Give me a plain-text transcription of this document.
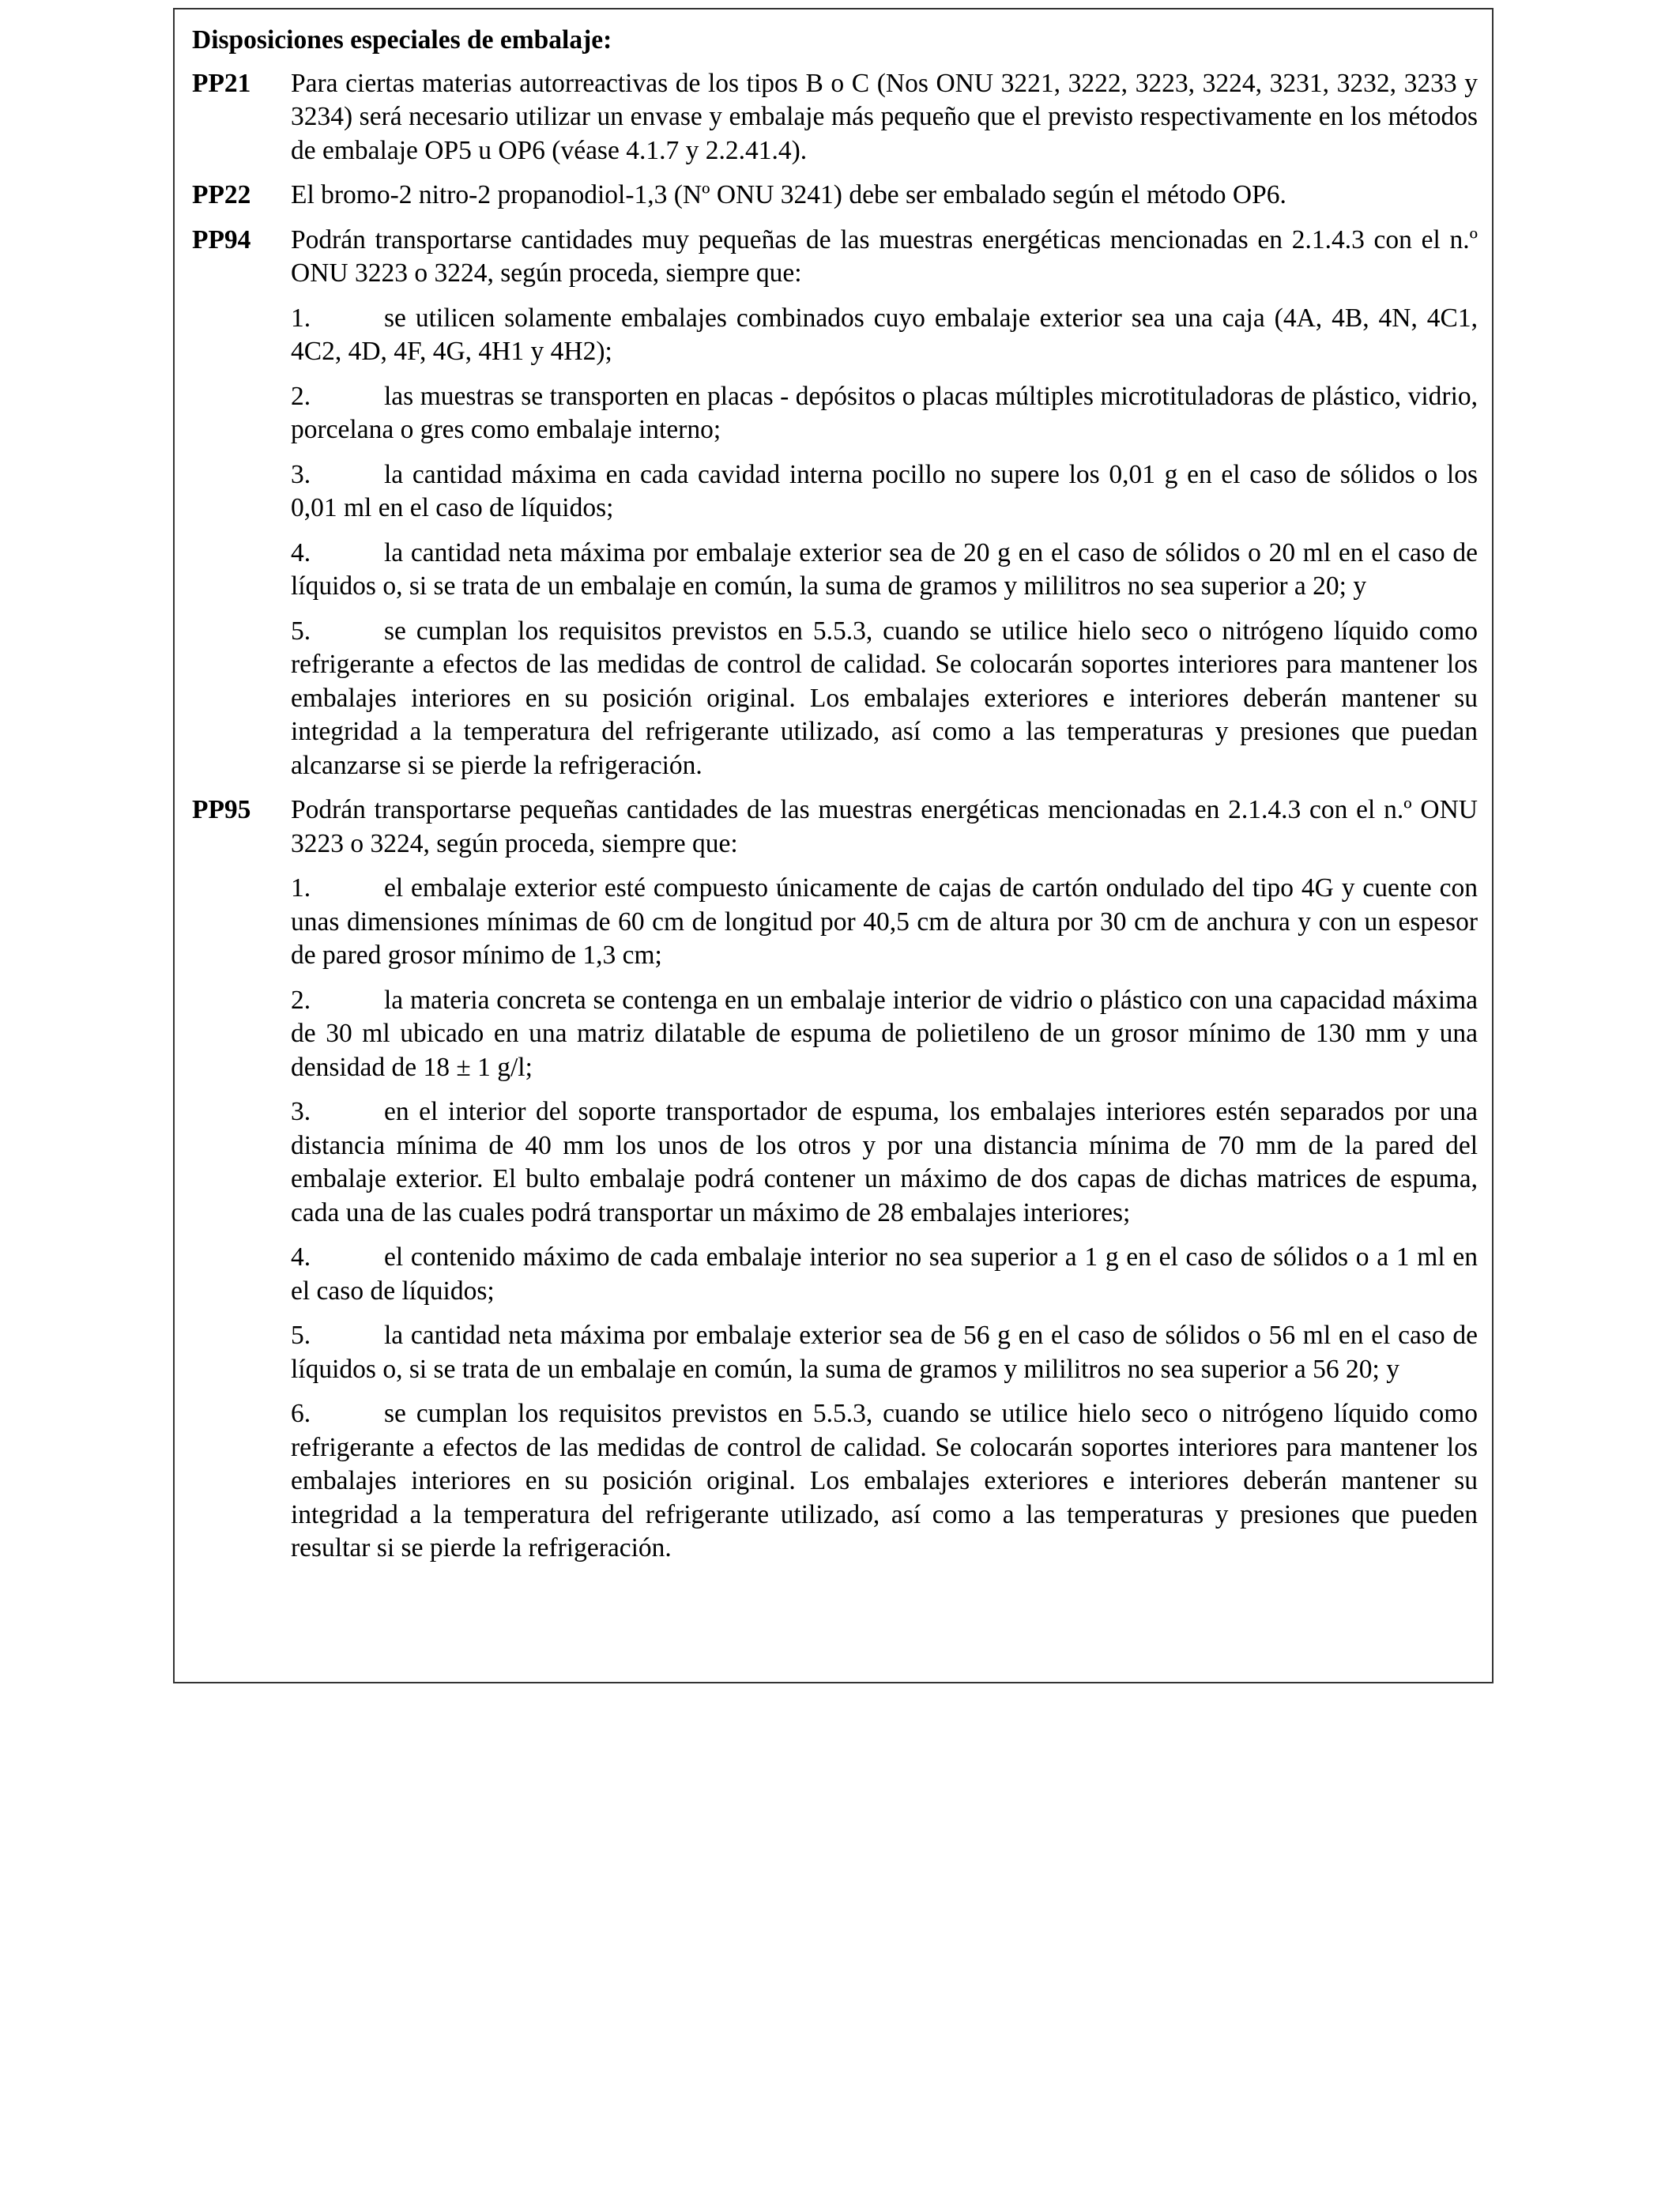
Disposiciones especiales de embalaje:
PP21 Para ciertas materias autorreactivas de los tipos B o C (Nos ONU 3221, 3222, 3223, 3224, 3231, 3232, 3233 y 3234) será necesario utilizar un envase y embalaje más pequeño que el previsto respectivamente en los métodos de embalaje OP5 u OP6 (véase 4.1.7 y 2.2.41.4).
PP22 El bromo-2 nitro-2 propanodiol-1,3 (Nº ONU 3241) debe ser embalado según el método OP6.
PP94 Podrán transportarse cantidades muy pequeñas de las muestras energéticas mencionadas en 2.1.4.3 con el n.º ONU 3223 o 3224, según proceda, siempre que:
1.	se utilicen solamente embalajes combinados cuyo embalaje exterior sea una caja (4A, 4B, 4N, 4C1, 4C2, 4D, 4F, 4G, 4H1 y 4H2);
2.	las muestras se transporten en placas - depósitos o placas múltiples microtituladoras de plástico, vidrio, porcelana o gres como embalaje interno;
3.	la cantidad máxima en cada cavidad interna pocillo no supere los 0,01 g en el caso de sólidos o los 0,01 ml en el caso de líquidos;
4.	la cantidad neta máxima por embalaje exterior sea de 20 g en el caso de sólidos o 20 ml en el caso de líquidos o, si se trata de un embalaje en común, la suma de gramos y mililitros no sea superior a 20; y
5.	se cumplan los requisitos previstos en 5.5.3, cuando se utilice hielo seco o nitrógeno líquido como refrigerante a efectos de las medidas de control de calidad. Se colocarán soportes interiores para mantener los embalajes interiores en su posición original. Los embalajes exteriores e interiores deberán mantener su integridad a la temperatura del refrigerante utilizado, así como a las temperaturas y presiones que puedan alcanzarse si se pierde la refrigeración.
PP95 Podrán transportarse pequeñas cantidades de las muestras energéticas mencionadas en 2.1.4.3 con el n.º ONU 3223 o 3224, según proceda, siempre que:
1.	el embalaje exterior esté compuesto únicamente de cajas de cartón ondulado del tipo 4G y cuente con unas dimensiones mínimas de 60 cm de longitud por 40,5 cm de altura por 30 cm de anchura y con un espesor de pared grosor mínimo de 1,3 cm;
2.	la materia concreta se contenga en un embalaje interior de vidrio o plástico con una capacidad máxima de 30 ml ubicado en una matriz dilatable de espuma de polietileno de un grosor mínimo de 130 mm y una densidad de 18 ± 1 g/l;
3.	en el interior del soporte transportador de espuma, los embalajes interiores estén separados por una distancia mínima de 40 mm los unos de los otros y por una distancia mínima de 70 mm de la pared del embalaje exterior. El bulto embalaje podrá contener un máximo de dos capas de dichas matrices de espuma, cada una de las cuales podrá transportar un máximo de 28 embalajes interiores;
4.	el contenido máximo de cada embalaje interior no sea superior a 1 g en el caso de sólidos o a 1 ml en el caso de líquidos;
5.	la cantidad neta máxima por embalaje exterior sea de 56 g en el caso de sólidos o 56 ml en el caso de líquidos o, si se trata de un embalaje en común, la suma de gramos y mililitros no sea superior a 56 20; y
6.	se cumplan los requisitos previstos en 5.5.3, cuando se utilice hielo seco o nitrógeno líquido como refrigerante a efectos de las medidas de control de calidad. Se colocarán soportes interiores para mantener los embalajes interiores en su posición original. Los embalajes exteriores e interiores deberán mantener su integridad a la temperatura del refrigerante utilizado, así como a las temperaturas y presiones que pueden resultar si se pierde la refrigeración.
